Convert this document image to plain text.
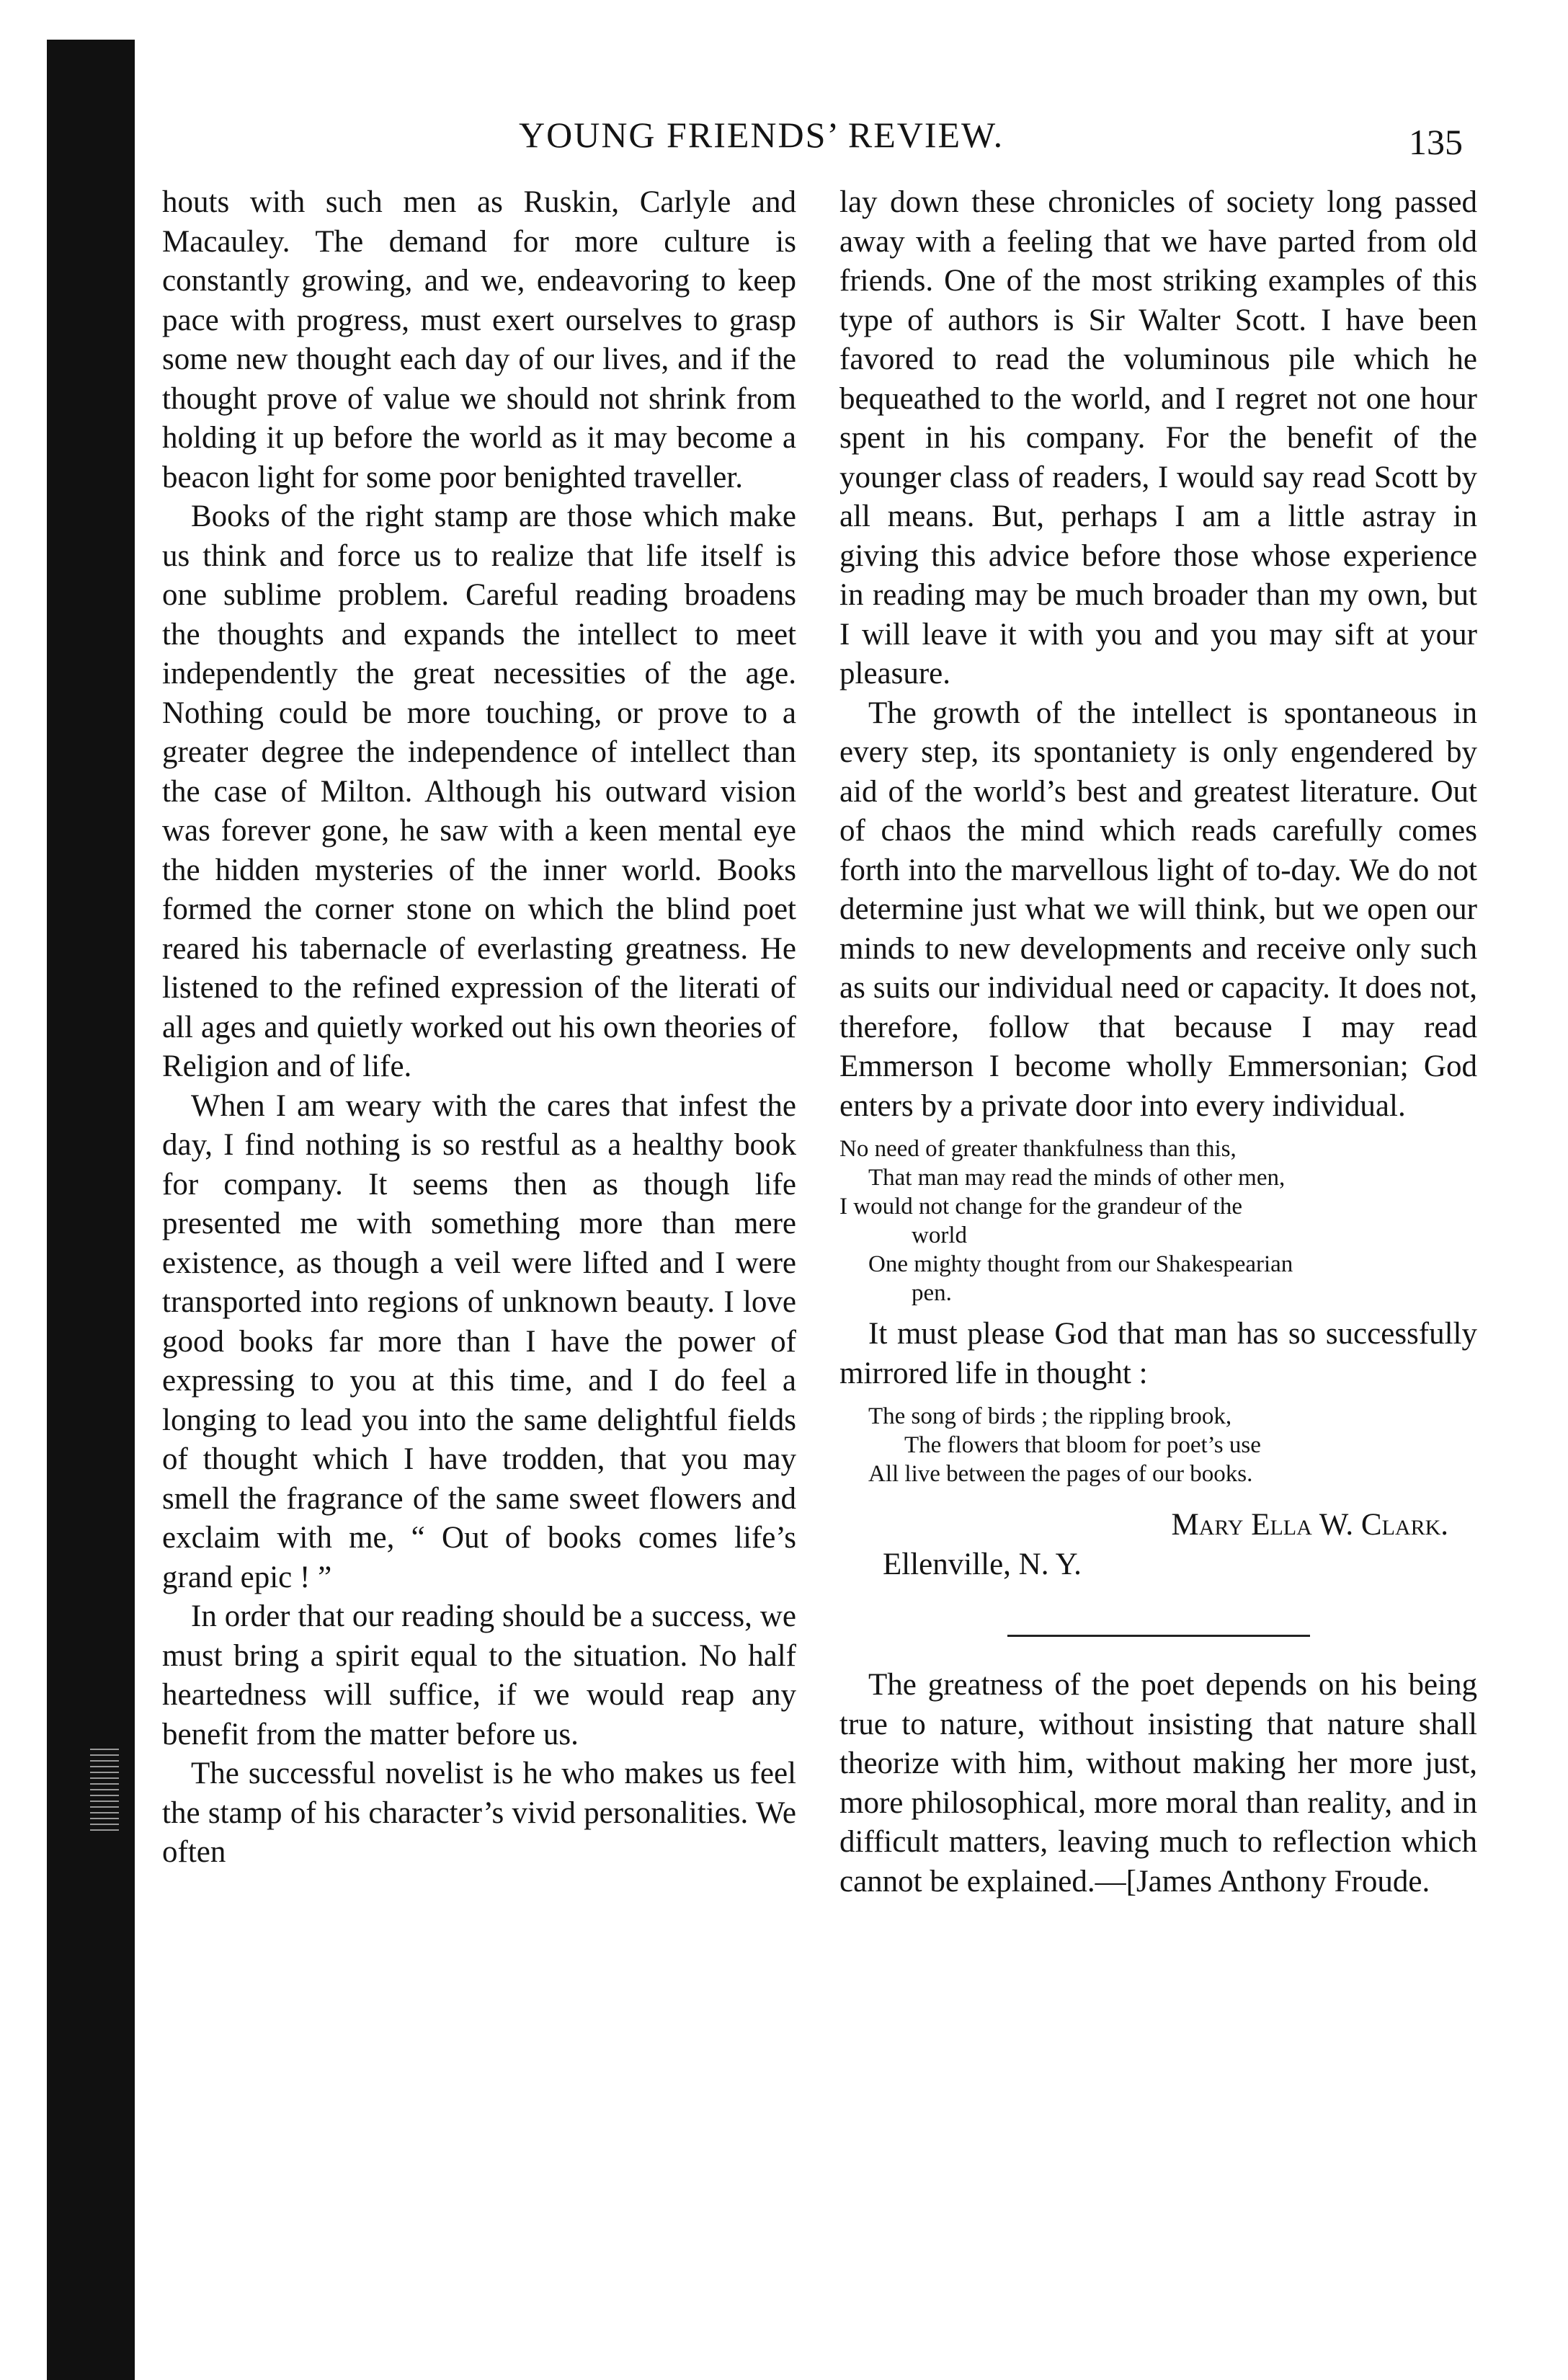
YOUNG FRIENDS’ REVIEW.	135

houts with such men as Ruskin, Carlyle and Macauley. The demand for more culture is constantly growing, and we, endeavoring to keep pace with progress, must exert ourselves to grasp some new thought each day of our lives, and if the thought prove of value we should not shrink from holding it up before the world as it may become a beacon light for some poor benighted traveller.

Books of the right stamp are those which make us think and force us to realize that life itself is one sublime problem. Careful reading broadens the thoughts and expands the intellect to meet independently the great necessities of the age. Nothing could be more touching, or prove to a greater degree the independence of intellect than the case of Milton. Although his outward vision was forever gone, he saw with a keen mental eye the hidden mysteries of the inner world. Books formed the corner stone on which the blind poet reared his tabernacle of everlasting greatness. He listened to the refined expression of the literati of all ages and quietly worked out his own theories of Religion and of life.

When I am weary with the cares that infest the day, I find nothing is so restful as a healthy book for company. It seems then as though life presented me with something more than mere existence, as though a veil were lifted and I were transported into regions of unknown beauty. I love good books far more than I have the power of expressing to you at this time, and I do feel a longing to lead you into the same delightful fields of thought which I have trodden, that you may smell the fragrance of the same sweet flowers and exclaim with me, “ Out of books comes life’s grand epic ! ”

In order that our reading should be a success, we must bring a spirit equal to the situation. No half heartedness will suffice, if we would reap any benefit from the matter before us.

The successful novelist is he who makes us feel the stamp of his character’s vivid personalities. We often

lay down these chronicles of society long passed away with a feeling that we have parted from old friends. One of the most striking examples of this type of authors is Sir Walter Scott. I have been favored to read the voluminous pile which he bequeathed to the world, and I regret not one hour spent in his company. For the benefit of the younger class of readers, I would say read Scott by all means. But, perhaps I am a little astray in giving this advice before those whose experience in reading may be much broader than my own, but I will leave it with you and you may sift at your pleasure.

The growth of the intellect is spontaneous in every step, its spontaniety is only engendered by aid of the world’s best and greatest literature. Out of chaos the mind which reads carefully comes forth into the marvellous light of to-day. We do not determine just what we will think, but we open our minds to new developments and receive only such as suits our individual need or capacity. It does not, therefore, follow that because I may read Emmerson I become wholly Emmersonian; God enters by a private door into every individual.

No need of greater thankfulness than this,
That man may read the minds of other men,
I would not change for the grandeur of the
world
One mighty thought from our Shakespearian
pen.

It must please God that man has so successfully mirrored life in thought :

The song of birds ; the rippling brook,
The flowers that bloom for poet’s use
All live between the pages of our books.
Mary Ella W. Clark.
Ellenville, N. Y.

The greatness of the poet depends on his being true to nature, without insisting that nature shall theorize with him, without making her more just, more philosophical, more moral than reality, and in difficult matters, leaving much to reflection which cannot be explained.—[James Anthony Froude.
